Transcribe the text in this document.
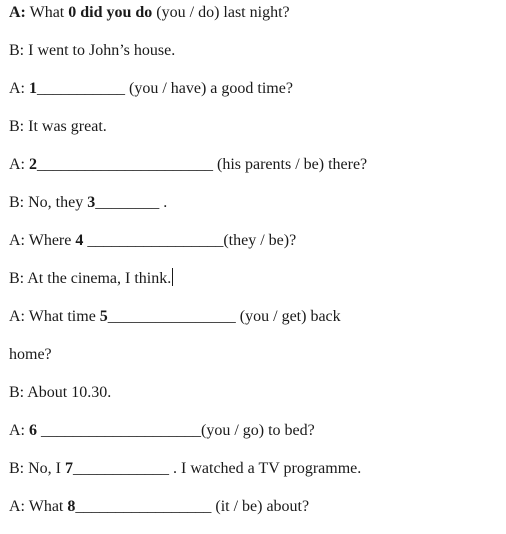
A: What 0 did you do (you / do) last night?
B: I went to John’s house.
A: 1___________ (you / have) a good time?
B: It was great.
A: 2______________________ (his parents / be) there?
B: No, they 3________ .
A: Where 4 _________________(they / be)?
B: At the cinema, I think.
A: What time 5________________ (you / get) back
home?
B: About 10.30.
A: 6 ____________________(you / go) to bed?
B: No, I 7____________ . I watched a TV programme.
A: What 8_________________ (it / be) about?
